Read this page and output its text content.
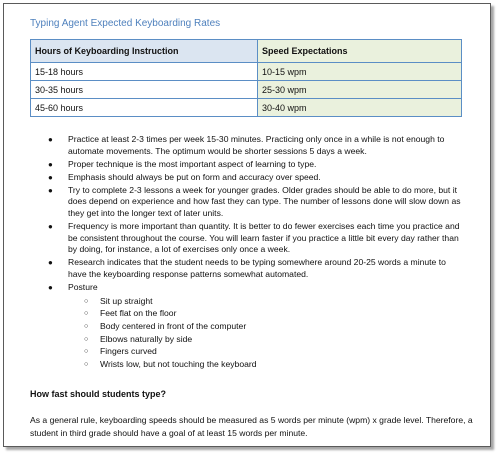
Typing Agent Expected Keyboarding Rates
Hours of Keyboarding Instruction	Speed Expectations
15-18 hours	10-15 wpm
30-35 hours	25-30 wpm
45-60 hours	30-40 wpm
● Practice at least 2-3 times per week 15-30 minutes. Practicing only once in a while is not enough to automate movements. The optimum would be shorter sessions 5 days a week.
● Proper technique is the most important aspect of learning to type.
● Emphasis should always be put on form and accuracy over speed.
● Try to complete 2-3 lessons a week for younger grades. Older grades should be able to do more, but it does depend on experience and how fast they can type. The number of lessons done will slow down as they get into the longer text of later units.
● Frequency is more important than quantity. It is better to do fewer exercises each time you practice and be consistent throughout the course. You will learn faster if you practice a little bit every day rather than by doing, for instance, a lot of exercises only once a week.
● Research indicates that the student needs to be typing somewhere around 20-25 words a minute to have the keyboarding response patterns somewhat automated.
● Posture
○ Sit up straight
○ Feet flat on the floor
○ Body centered in front of the computer
○ Elbows naturally by side
○ Fingers curved
○ Wrists low, but not touching the keyboard
How fast should students type?

As a general rule, keyboarding speeds should be measured as 5 words per minute (wpm) x grade level. Therefore, a student in third grade should have a goal of at least 15 words per minute.
